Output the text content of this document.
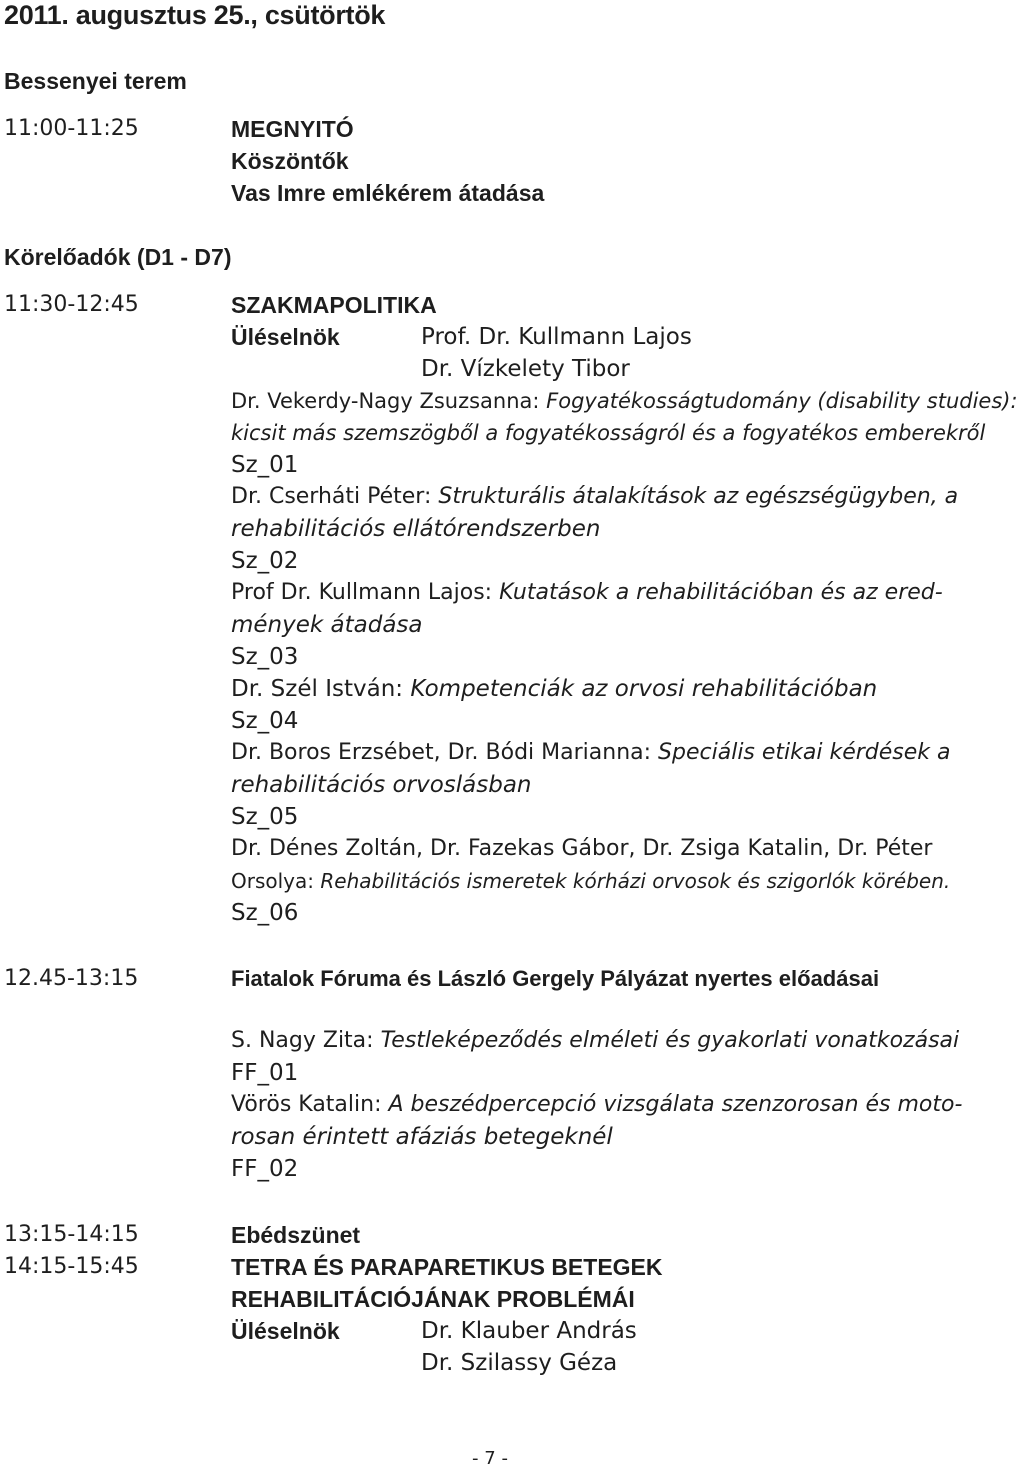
2011. augusztus 25., csütörtök
Bessenyei terem
11:00-11:25	MEGNYITÓ
Köszöntők
Vas Imre emlékérem átadása
Körelőadók (D1 - D7)
11:30-12:45	SZAKMAPOLITIKA
Üléselnök	Prof. Dr. Kullmann Lajos
Dr. Vízkelety Tibor
Dr. Vekerdy-Nagy Zsuzsanna: Fogyatékosságtudomány (disability studies):
kicsit más szemszögből a fogyatékosságról és a fogyatékos emberekről
Sz_01
Dr. Cserháti Péter: Strukturális átalakítások az egészségügyben, a
rehabilitációs ellátórendszerben
Sz_02
Prof Dr. Kullmann Lajos: Kutatások a rehabilitációban és az ered-
mények átadása
Sz_03
Dr. Szél István: Kompetenciák az orvosi rehabilitációban
Sz_04
Dr. Boros Erzsébet, Dr. Bódi Marianna: Speciális etikai kérdések a
rehabilitációs orvoslásban
Sz_05
Dr. Dénes Zoltán, Dr. Fazekas Gábor, Dr. Zsiga Katalin, Dr. Péter
Orsolya: Rehabilitációs ismeretek kórházi orvosok és szigorlók körében.
Sz_06
12.45-13:15	Fiatalok Fóruma és László Gergely Pályázat nyertes előadásai
S. Nagy Zita: Testleképeződés elméleti és gyakorlati vonatkozásai
FF_01
Vörös Katalin: A beszédpercepció vizsgálata szenzorosan és moto-
rosan érintett afáziás betegeknél
FF_02
13:15-14:15	Ebédszünet
14:15-15:45	TETRA ÉS PARAPARETIKUS BETEGEK
REHABILITÁCIÓJÁNAK PROBLÉMÁI
Üléselnök	Dr. Klauber András
Dr. Szilassy Géza
- 7 -
